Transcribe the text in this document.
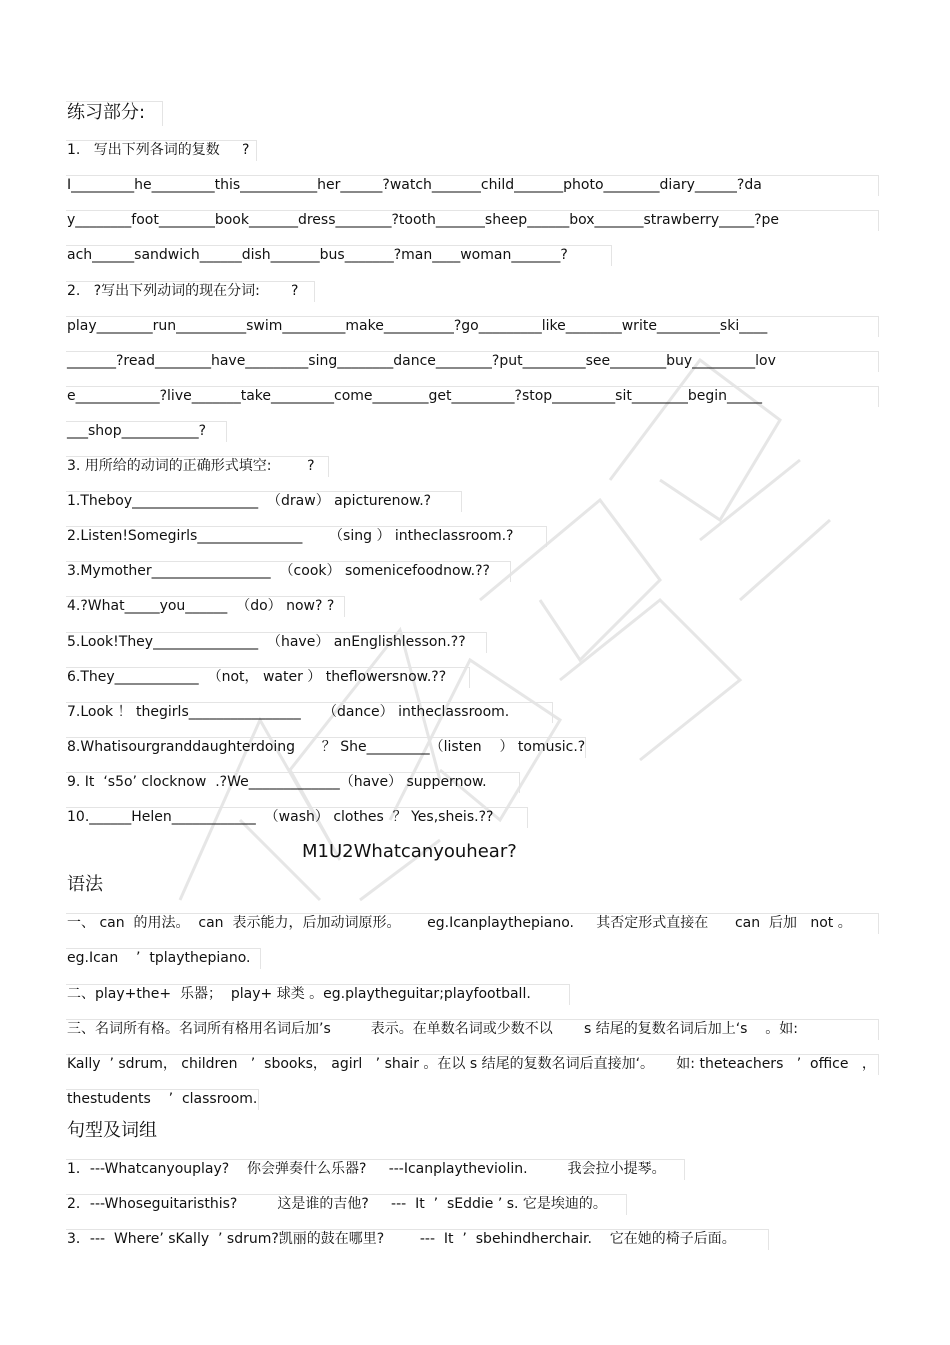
练习部分:
1.   写出下列各词的复数     ?
I_________he_________this___________her______?watch_______child_______photo________diary______?da
y________foot________book_______dress________?tooth_______sheep______box_______strawberry_____?pe
ach______sandwich______dish_______bus_______?man____woman_______?
2.   ?写出下列动词的现在分词:       ?
play________run__________swim_________make__________?go_________like________write_________ski____
_______?read________have_________sing________dance________?put_________see________buy_________lov
e____________?live_______take_________come________get_________?stop_________sit________begin_____
___shop___________?
3. 用所给的动词的正确形式填空:        ?
1.Theboy__________________  （draw） apicturenow.?
2.Listen!Somegirls_______________      （sing ） intheclassroom.?
3.Mymother_________________  （cook） somenicefoodnow.??
4.?What_____you______  （do） now? ?
5.Look!They_______________  （have） anEnglishlesson.??
6.They____________  （not， water ） theflowersnow.??
7.Look ！ thegirls________________     （dance） intheclassroom.
8.Whatisourgranddaughterdoing      ？ She_________（listen    ） tomusic.?
9. It  ‘s5o’ clocknow  .?We_____________（have） suppernow.
10.______Helen____________  （wash） clothes  ？ Yes,sheis.??
M1U2Whatcanyouhear?
语法
一、 can  的用法。  can  表示能力，后加动词原形。      eg.Icanplaythepiano.     其否定形式直接在      can  后加   not 。
eg.Ican    ’  tplaythepiano.
二、play+the+  乐器；  play+ 球类 。eg.playtheguitar;playfootball.
三、名词所有格。名词所有格用名词后加’s         表示。在单数名词或少数不以       s 结尾的复数名词后加上‘s    。如:
Kally  ’ sdrum， children   ’  sbooks， agirl   ’ shair 。在以 s 结尾的复数名词后直接加‘。     如: theteachers   ’  office   ，
thestudents    ’  classroom.
句型及词组
1．---Whatcanyouplay?    你会弹奏什么乐器?     ---Icanplaytheviolin.         我会拉小提琴。
2．---Whoseguitaristhis?         这是谁的吉他?     ---  It  ’  sEddie ’ s. 它是埃迪的。
3．---  Where’ sKally  ’ sdrum?凯丽的鼓在哪里?        ---  It  ’  sbehindherchair.    它在她的椅子后面。
